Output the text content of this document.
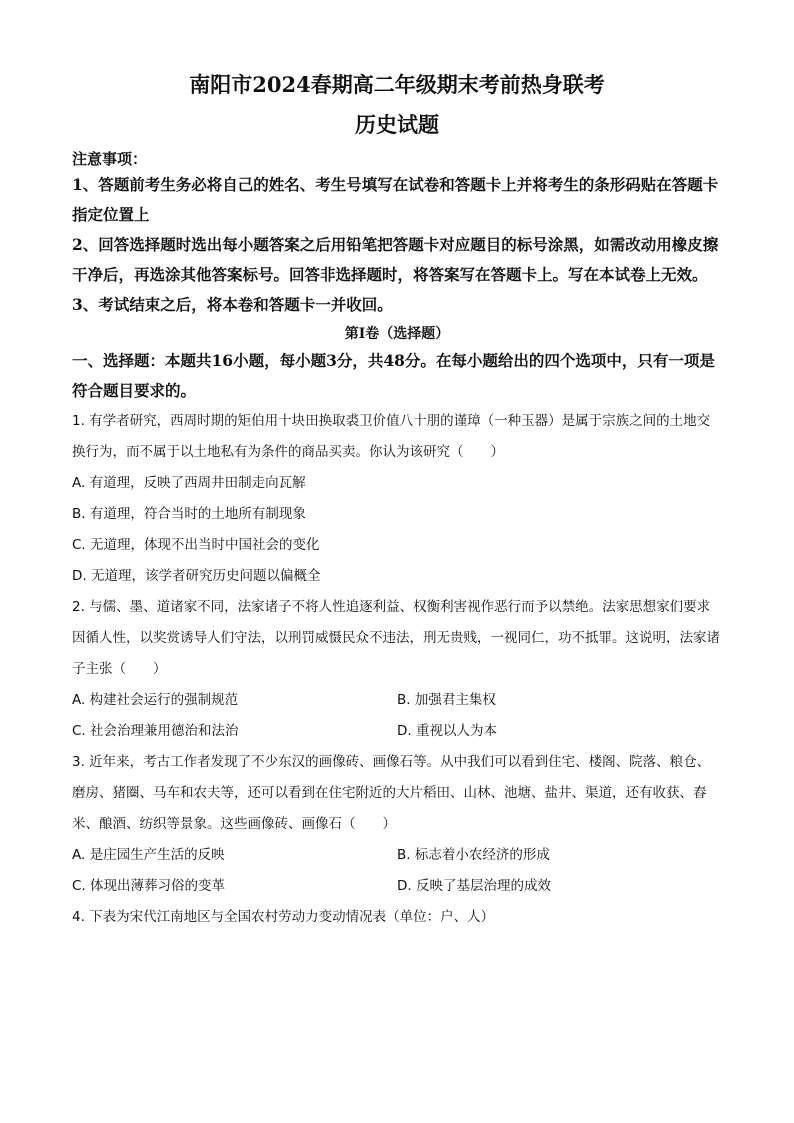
南阳市2024春期高二年级期末考前热身联考
历史试题
注意事项：

1、答题前考生务必将自己的姓名、考生号填写在试卷和答题卡上并将考生的条形码贴在答题卡指定位置上

2、回答选择题时选出每小题答案之后用铅笔把答题卡对应题目的标号涂黑，如需改动用橡皮擦干净后，再选涂其他答案标号。回答非选择题时，将答案写在答题卡上。写在本试卷上无效。

3、考试结束之后，将本卷和答题卡一并收回。

第Ⅰ卷（选择题）

一、选择题：本题共16小题，每小题3分，共48分。在每小题给出的四个选项中，只有一项是符合题目要求的。

1. 有学者研究，西周时期的矩伯用十块田换取裘卫价值八十朋的谨璋（一种玉器）是属于宗族之间的土地交换行为，而不属于以土地私有为条件的商品买卖。你认为该研究（　　）

A. 有道理，反映了西周井田制走向瓦解

B. 有道理，符合当时的土地所有制现象

C. 无道理，体现不出当时中国社会的变化

D. 无道理，该学者研究历史问题以偏概全

2. 与儒、墨、道诸家不同，法家诸子不将人性追逐利益、权衡利害视作恶行而予以禁绝。法家思想家们要求因循人性，以奖赏诱导人们守法，以刑罚威慑民众不违法，刑无贵贱，一视同仁，功不抵罪。这说明，法家诸子主张（　　）

A. 构建社会运行的强制规范	B. 加强君主集权
C. 社会治理兼用德治和法治	D. 重视以人为本

3. 近年来，考古工作者发现了不少东汉的画像砖、画像石等。从中我们可以看到住宅、楼阁、院落、粮仓、磨房、猪圈、马车和农夫等，还可以看到在住宅附近的大片稻田、山林、池塘、盐井、渠道，还有收获、舂米、酿酒、纺织等景象。这些画像砖、画像石（　　）

A. 是庄园生产生活的反映	B. 标志着小农经济的形成
C. 体现出薄葬习俗的变革	D. 反映了基层治理的成效

4. 下表为宋代江南地区与全国农村劳动力变动情况表（单位：户、人）
